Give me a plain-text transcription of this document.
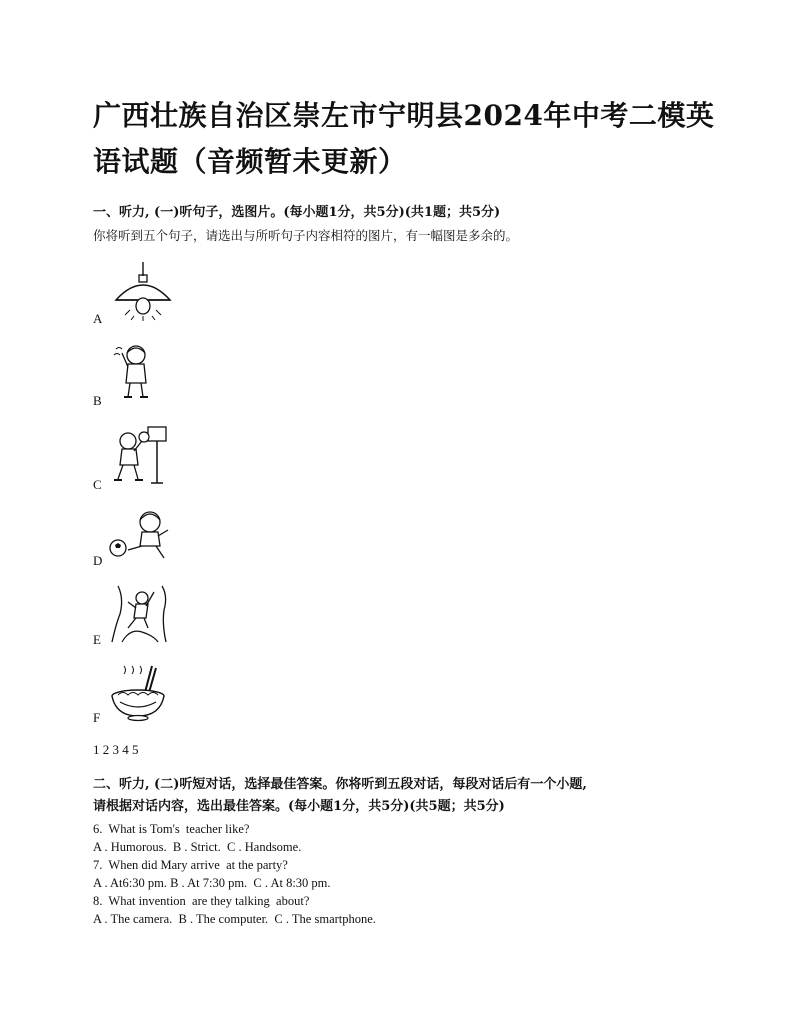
广西壮族自治区崇左市宁明县2024年中考二模英语试题（音频暂未更新）
一、听力, (一)听句子，选图片。(每小题1分，共5分)(共1题；共5分)
你将听到五个句子，请选出与所听句子内容相符的图片，有一幅图是多余的。
A
B
C
D
E
F
1 2 3 4 5
二、听力, (二)听短对话，选择最佳答案。你将听到五段对话，每段对话后有一个小题,
请根据对话内容，选出最佳答案。(每小题1分，共5分)(共5题；共5分)
6.  What is Tom's  teacher like?
A . Humorous.  B . Strict.  C . Handsome.
7.  When did Mary arrive  at the party?
A . At6:30 pm. B . At 7:30 pm.  C . At 8:30 pm.
8.  What invention  are they talking  about?
A . The camera.  B . The computer.  C . The smartphone.
